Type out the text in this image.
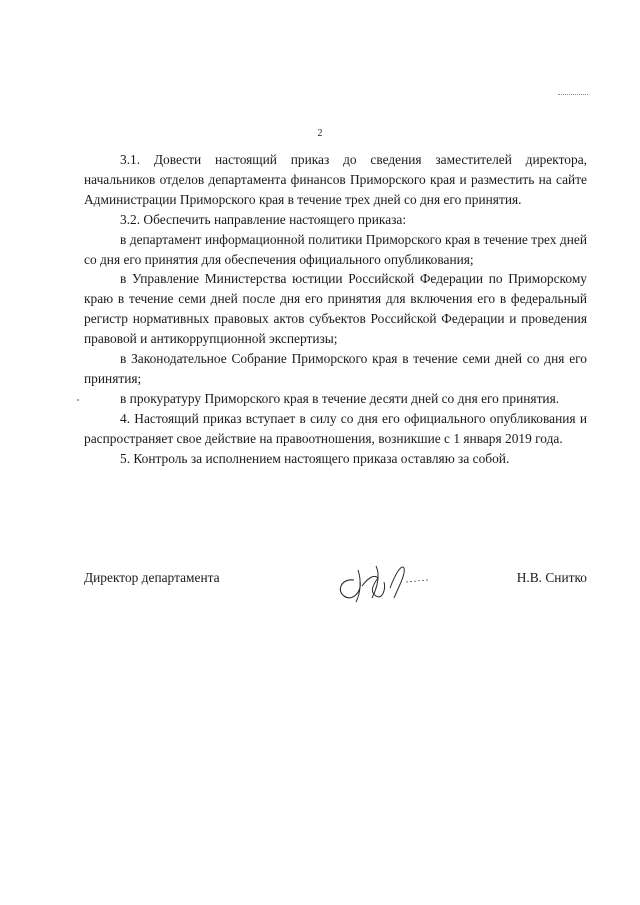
2

3.1. Довести настоящий приказ до сведения заместителей директора, начальников отделов департамента финансов Приморского края и разместить на сайте Администрации Приморского края в течение трех дней со дня его принятия.

3.2. Обеспечить направление настоящего приказа:

в департамент информационной политики Приморского края в течение трех дней со дня его принятия для обеспечения официального опубликования;

в Управление Министерства юстиции Российской Федерации по Приморскому краю в течение семи дней после дня его принятия для включения его в федеральный регистр нормативных правовых актов субъектов Российской Федерации и проведения правовой и антикоррупционной экспертизы;

в Законодательное Собрание Приморского края в течение семи дней со дня его принятия;

в прокуратуру Приморского края в течение десяти дней со дня его принятия.

4. Настоящий приказ вступает в силу со дня его официального опубликования и распространяет свое действие на правоотношения, возникшие с 1 января 2019 года.

5. Контроль за исполнением настоящего приказа оставляю за собой.

Директор департамента	Н.В. Снитко
